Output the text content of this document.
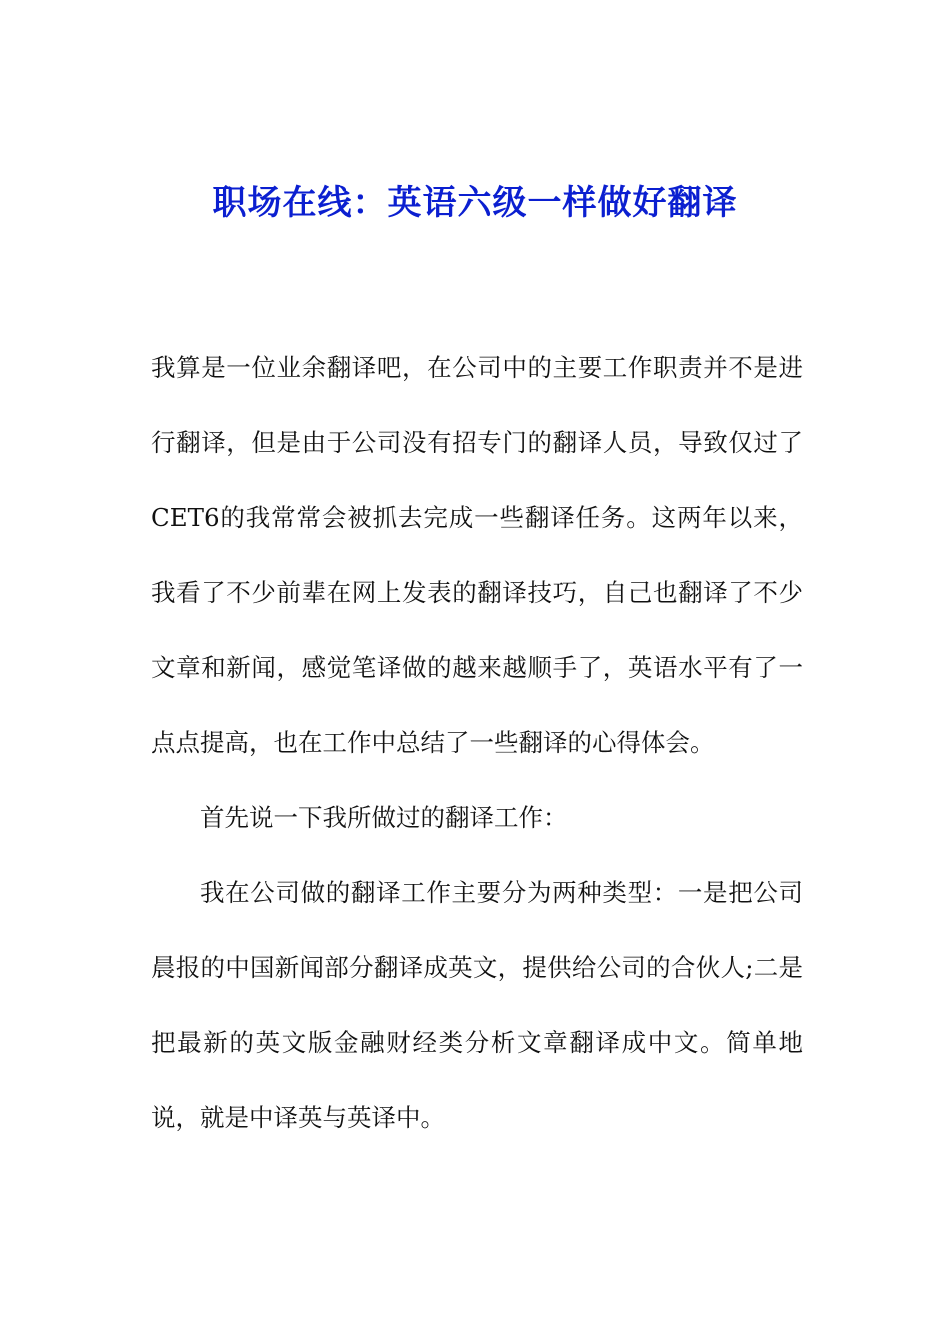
职场在线：英语六级一样做好翻译

我算是一位业余翻译吧，在公司中的主要工作职责并不是进行翻译，但是由于公司没有招专门的翻译人员，导致仅过了CET6的我常常会被抓去完成一些翻译任务。这两年以来，我看了不少前辈在网上发表的翻译技巧，自己也翻译了不少文章和新闻，感觉笔译做的越来越顺手了，英语水平有了一点点提高，也在工作中总结了一些翻译的心得体会。

首先说一下我所做过的翻译工作：

我在公司做的翻译工作主要分为两种类型：一是把公司晨报的中国新闻部分翻译成英文，提供给公司的合伙人;二是把最新的英文版金融财经类分析文章翻译成中文。简单地说，就是中译英与英译中。
